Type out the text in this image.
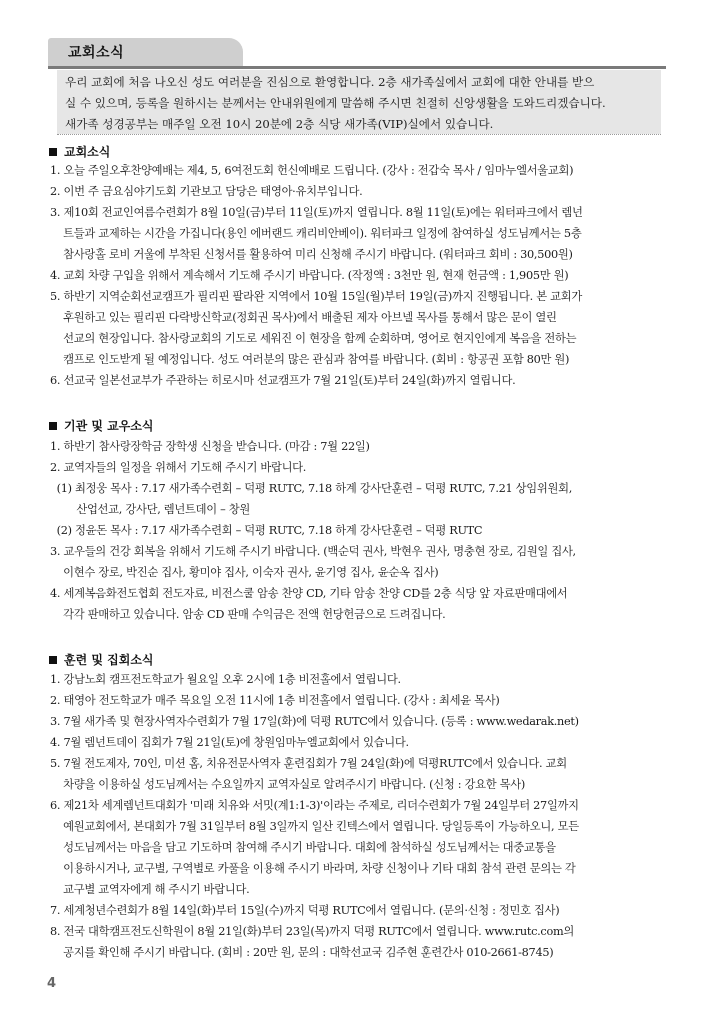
교회소식
우리 교회에 처음 나오신 성도 여러분을 진심으로 환영합니다. 2층 새가족실에서 교회에 대한 안내를 받으
실 수 있으며, 등록을 원하시는 분께서는 안내위원에게 말씀해 주시면 친절히 신앙생활을 도와드리겠습니다.
새가족 성경공부는 매주일 오전 10시 20분에 2층 식당 새가족(VIP)실에서 있습니다.
교회소식
1. 오늘 주일오후찬양예배는 제4, 5, 6여전도회 헌신예배로 드립니다. (강사 : 전갑숙 목사 / 임마누엘서울교회)
2. 이번 주 금요심야기도회 기관보고 담당은 태영아·유치부입니다.
3. 제10회 전교인여름수련회가 8월 10일(금)부터 11일(토)까지 열립니다. 8월 11일(토)에는 워터파크에서 렘넌
트들과 교제하는 시간을 가집니다(용인 에버랜드 캐리비안베이). 워터파크 일정에 참여하실 성도님께서는 5층
참사랑홀 로비 거울에 부착된 신청서를 활용하여 미리 신청해 주시기 바랍니다. (워터파크 회비 : 30,500원)
4. 교회 차량 구입을 위해서 계속해서 기도해 주시기 바랍니다. (작정액 : 3천만 원, 현재 헌금액 : 1,905만 원)
5. 하반기 지역순회선교캠프가 필리핀 팔라완 지역에서 10월 15일(월)부터 19일(금)까지 진행됩니다. 본 교회가
후원하고 있는 필리핀 다락방신학교(정회권 목사)에서 배출된 제자 아브넬 목사를 통해서 많은 문이 열린
선교의 현장입니다. 참사랑교회의 기도로 세워진 이 현장을 함께 순회하며, 영어로 현지인에게 복음을 전하는
캠프로 인도받게 될 예정입니다. 성도 여러분의 많은 관심과 참여를 바랍니다. (회비 : 항공권 포함 80만 원)
6. 선교국 일본선교부가 주관하는 히로시마 선교캠프가 7월 21일(토)부터 24일(화)까지 열립니다.
기관 및 교우소식
1. 하반기 참사랑장학금 장학생 신청을 받습니다. (마감 : 7월 22일)
2. 교역자들의 일정을 위해서 기도해 주시기 바랍니다.
(1) 최정웅 목사 : 7.17 새가족수련회 – 덕평 RUTC, 7.18 하계 강사단훈련 – 덕평 RUTC, 7.21 상임위원회,
산업선교, 강사단, 렘넌트데이 – 창원
(2) 정윤돈 목사 : 7.17 새가족수련회 – 덕평 RUTC, 7.18 하계 강사단훈련 – 덕평 RUTC
3. 교우들의 건강 회복을 위해서 기도해 주시기 바랍니다. (백순덕 권사, 박현우 권사, 명충현 장로, 김원일 집사,
이현수 장로, 박진순 집사, 황미야 집사, 이숙자 권사, 윤기영 집사, 윤순옥 집사)
4. 세계복음화전도협회 전도자료, 비전스쿨 암송 찬양 CD, 기타 암송 찬양 CD를 2층 식당 앞 자료판매대에서
각각 판매하고 있습니다. 암송 CD 판매 수익금은 전액 헌당헌금으로 드려집니다.
훈련 및 집회소식
1. 강남노회 캠프전도학교가 월요일 오후 2시에 1층 비전홀에서 열립니다.
2. 태영아 전도학교가 매주 목요일 오전 11시에 1층 비전홀에서 열립니다. (강사 : 최세윤 목사)
3. 7월 새가족 및 현장사역자수련회가 7월 17일(화)에 덕평 RUTC에서 있습니다. (등록 : www.wedarak.net)
4. 7월 렘넌트데이 집회가 7월 21일(토)에 창원임마누엘교회에서 있습니다.
5. 7월 전도제자, 70인, 미션 홈, 치유전문사역자 훈련집회가 7월 24일(화)에 덕평RUTC에서 있습니다. 교회
차량을 이용하실 성도님께서는 수요일까지 교역자실로 알려주시기 바랍니다. (신청 : 강요한 목사)
6. 제21차 세계렘넌트대회가 '미래 치유와 서밋(계1:1-3)'이라는 주제로, 리더수련회가 7월 24일부터 27일까지
예원교회에서, 본대회가 7월 31일부터 8월 3일까지 일산 킨텍스에서 열립니다. 당일등록이 가능하오니, 모든
성도님께서는 마음을 담고 기도하며 참여해 주시기 바랍니다. 대회에 참석하실 성도님께서는 대중교통을
이용하시거나, 교구별, 구역별로 카풀을 이용해 주시기 바라며, 차량 신청이나 기타 대회 참석 관련 문의는 각
교구별 교역자에게 해 주시기 바랍니다.
7. 세계청년수련회가 8월 14일(화)부터 15일(수)까지 덕평 RUTC에서 열립니다. (문의·신청 : 정민호 집사)
8. 전국 대학캠프전도신학원이 8월 21일(화)부터 23일(목)까지 덕평 RUTC에서 열립니다. www.rutc.com의
공지를 확인해 주시기 바랍니다. (회비 : 20만 원, 문의 : 대학선교국 김주현 훈련간사 010-2661-8745)
4
